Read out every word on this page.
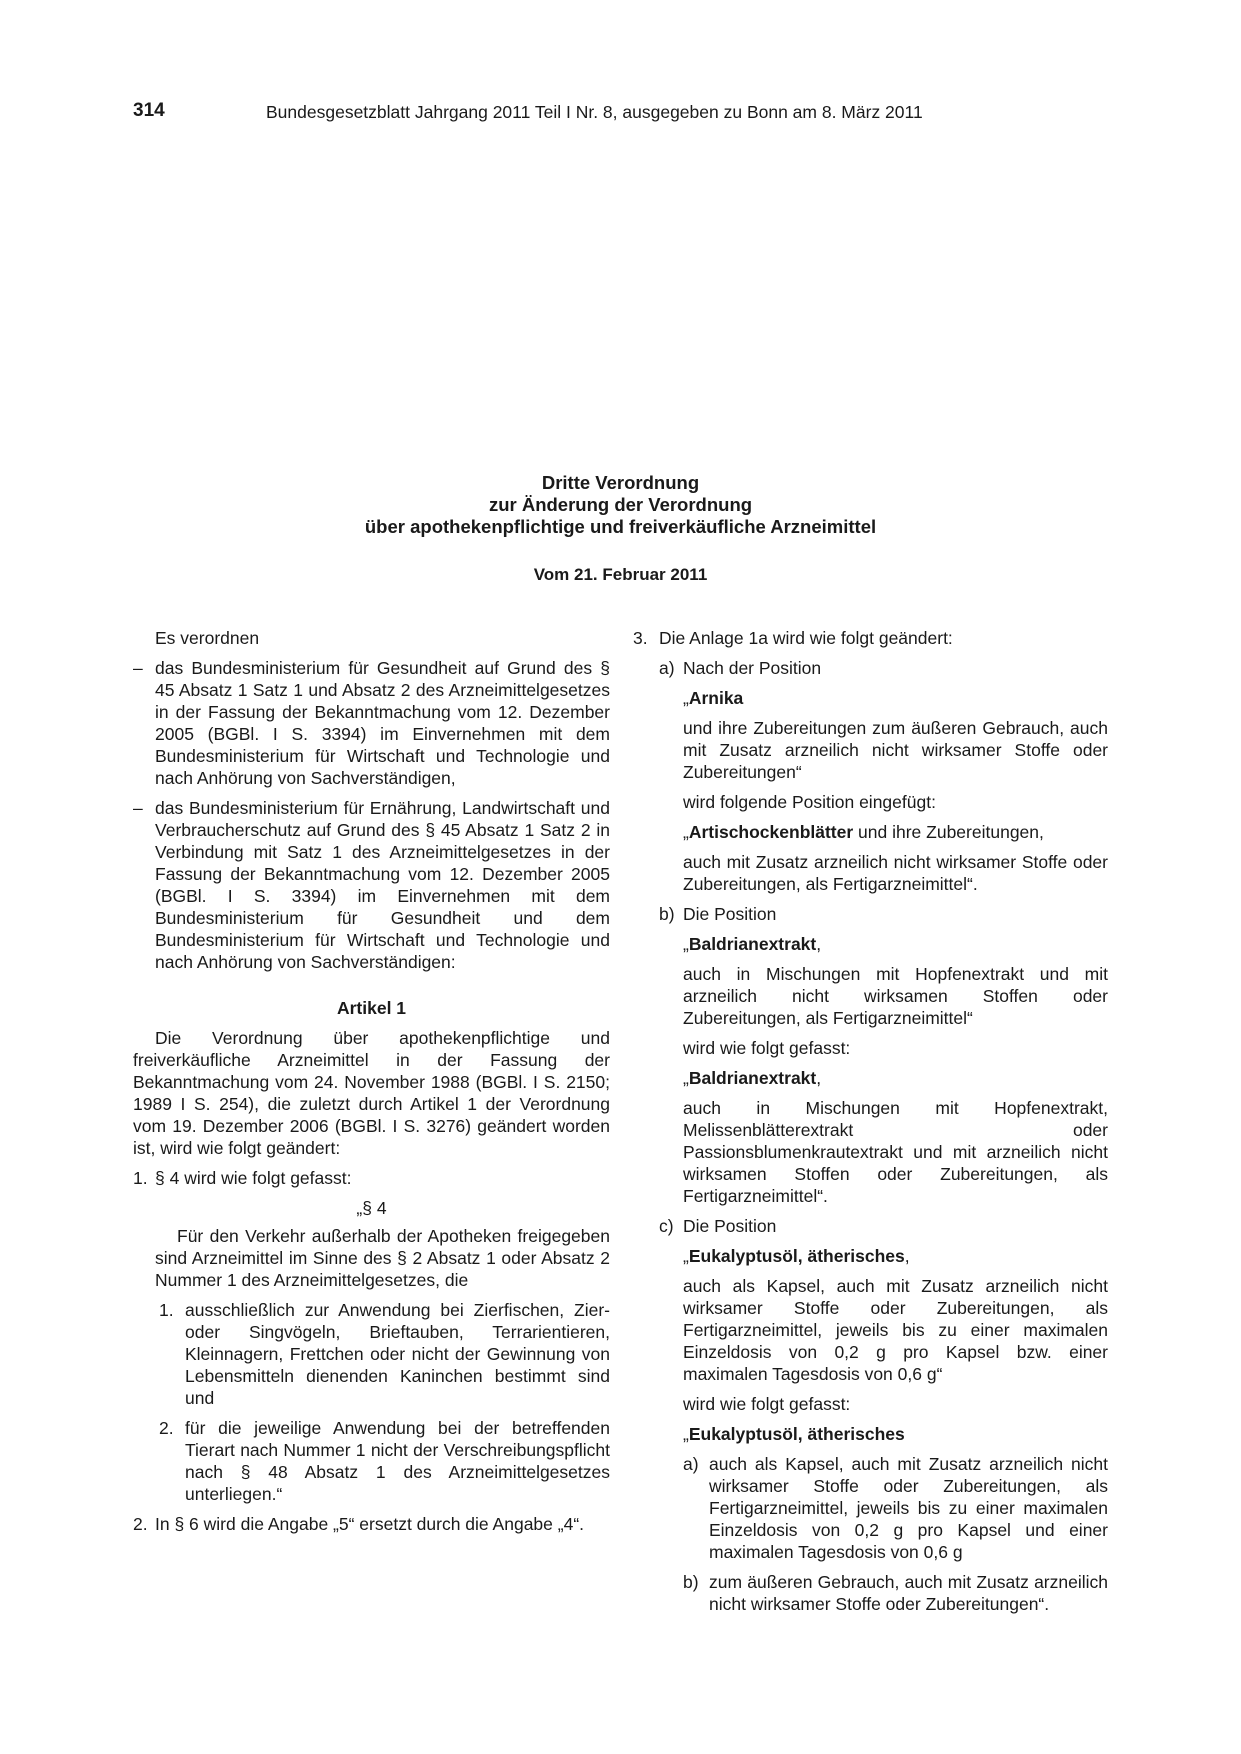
314	Bundesgesetzblatt Jahrgang 2011 Teil I Nr. 8, ausgegeben zu Bonn am 8. März 2011
Dritte Verordnung
zur Änderung der Verordnung
über apothekenpflichtige und freiverkäufliche Arzneimittel
Vom 21. Februar 2011

Es verordnen

– das Bundesministerium für Gesundheit auf Grund des § 45 Absatz 1 Satz 1 und Absatz 2 des Arzneimittelgesetzes in der Fassung der Bekanntmachung vom 12. Dezember 2005 (BGBl. I S. 3394) im Einvernehmen mit dem Bundesministerium für Wirtschaft und Technologie und nach Anhörung von Sachverständigen,
– das Bundesministerium für Ernährung, Landwirtschaft und Verbraucherschutz auf Grund des § 45 Absatz 1 Satz 2 in Verbindung mit Satz 1 des Arzneimittelgesetzes in der Fassung der Bekanntmachung vom 12. Dezember 2005 (BGBl. I S. 3394) im Einvernehmen mit dem Bundesministerium für Gesundheit und dem Bundesministerium für Wirtschaft und Technologie und nach Anhörung von Sachverständigen:

Artikel 1

Die Verordnung über apothekenpflichtige und freiverkäufliche Arzneimittel in der Fassung der Bekanntmachung vom 24. November 1988 (BGBl. I S. 2150; 1989 I S. 254), die zuletzt durch Artikel 1 der Verordnung vom 19. Dezember 2006 (BGBl. I S. 3276) geändert worden ist, wird wie folgt geändert:

1. § 4 wird wie folgt gefasst:

„§ 4

Für den Verkehr außerhalb der Apotheken freigegeben sind Arzneimittel im Sinne des § 2 Absatz 1 oder Absatz 2 Nummer 1 des Arzneimittelgesetzes, die

1. ausschließlich zur Anwendung bei Zierfischen, Zier- oder Singvögeln, Brieftauben, Terrarientieren, Kleinnagern, Frettchen oder nicht der Gewinnung von Lebensmitteln dienenden Kaninchen bestimmt sind und
2. für die jeweilige Anwendung bei der betreffenden Tierart nach Nummer 1 nicht der Verschreibungspflicht nach § 48 Absatz 1 des Arzneimittelgesetzes unterliegen.“
2. In § 6 wird die Angabe „5“ ersetzt durch die Angabe „4“.
3. Die Anlage 1a wird wie folgt geändert:
a) Nach der Position

„Arnika

und ihre Zubereitungen zum äußeren Gebrauch, auch mit Zusatz arzneilich nicht wirksamer Stoffe oder Zubereitungen“

wird folgende Position eingefügt:

„Artischockenblätter und ihre Zubereitungen,

auch mit Zusatz arzneilich nicht wirksamer Stoffe oder Zubereitungen, als Fertigarzneimittel“.

b) Die Position

„Baldrianextrakt,

auch in Mischungen mit Hopfenextrakt und mit arzneilich nicht wirksamen Stoffen oder Zubereitungen, als Fertigarzneimittel“

wird wie folgt gefasst:

„Baldrianextrakt,

auch in Mischungen mit Hopfenextrakt, Melissenblätterextrakt oder Passionsblumenkrautextrakt und mit arzneilich nicht wirksamen Stoffen oder Zubereitungen, als Fertigarzneimittel“.

c) Die Position

„Eukalyptusöl, ätherisches,

auch als Kapsel, auch mit Zusatz arzneilich nicht wirksamer Stoffe oder Zubereitungen, als Fertigarzneimittel, jeweils bis zu einer maximalen Einzeldosis von 0,2 g pro Kapsel bzw. einer maximalen Tagesdosis von 0,6 g“

wird wie folgt gefasst:

„Eukalyptusöl, ätherisches

a) auch als Kapsel, auch mit Zusatz arzneilich nicht wirksamer Stoffe oder Zubereitungen, als Fertigarzneimittel, jeweils bis zu einer maximalen Einzeldosis von 0,2 g pro Kapsel und einer maximalen Tagesdosis von 0,6 g
b) zum äußeren Gebrauch, auch mit Zusatz arzneilich nicht wirksamer Stoffe oder Zubereitungen“.
